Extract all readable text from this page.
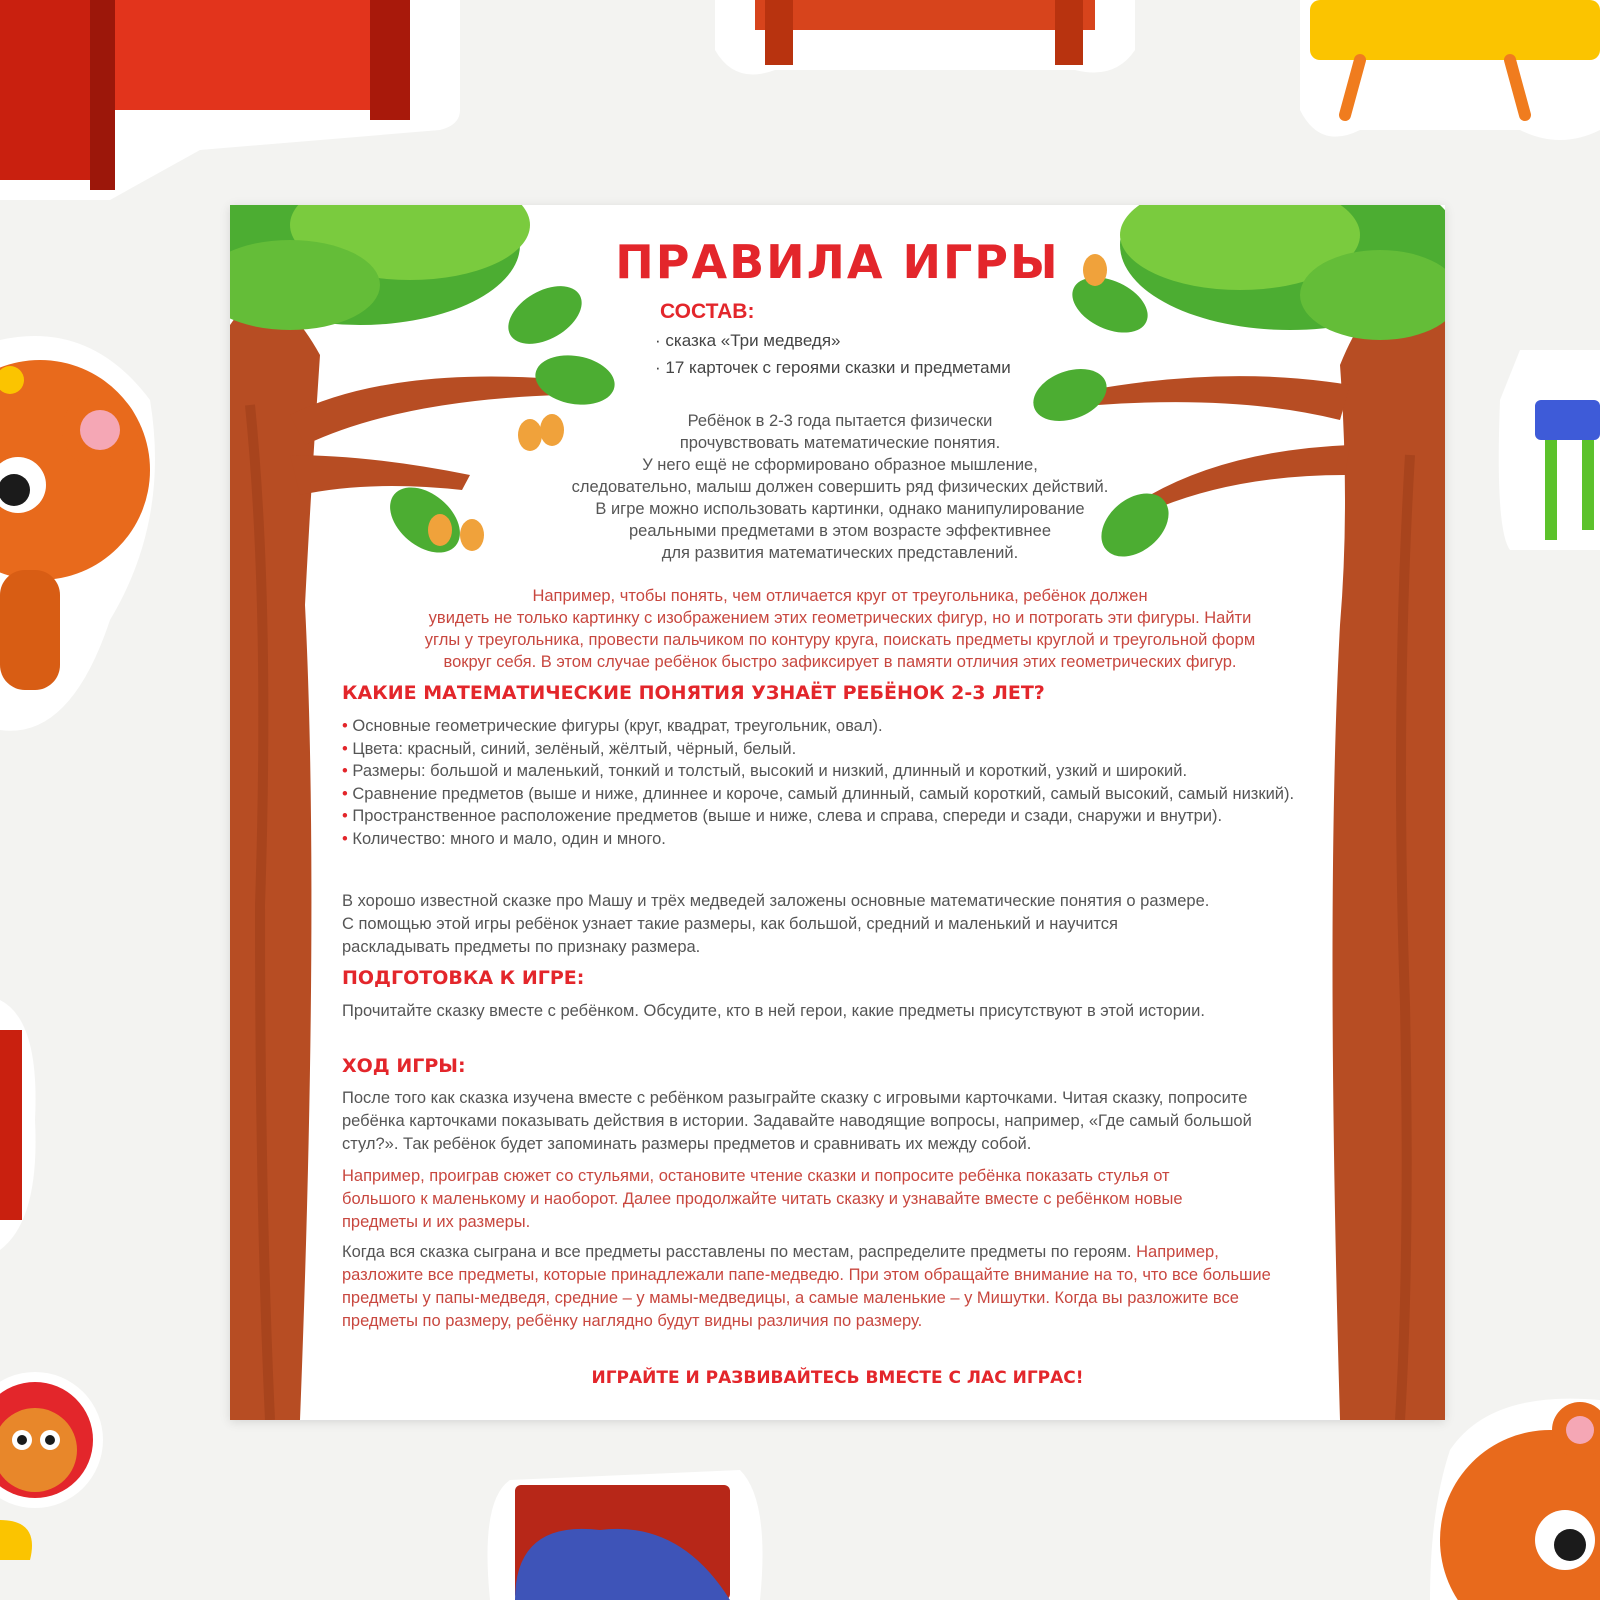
ПРАВИЛА ИГРЫ
СОСТАВ:
· сказка «Три медведя»
· 17 карточек с героями сказки и предметами
Ребёнок в 2-3 года пытается физически
прочувствовать математические понятия.
У него ещё не сформировано образное мышление,
следовательно, малыш должен совершить ряд физических действий.
В игре можно использовать картинки, однако манипулирование
реальными предметами в этом возрасте эффективнее
для развития математических представлений.
Например, чтобы понять, чем отличается круг от треугольника, ребёнок должен
увидеть не только картинку с изображением этих геометрических фигур, но и потрогать эти фигуры. Найти
углы у треугольника, провести пальчиком по контуру круга, поискать предметы круглой и треугольной форм
вокруг себя. В этом случае ребёнок быстро зафиксирует в памяти отличия этих геометрических фигур.
КАКИЕ МАТЕМАТИЧЕСКИЕ ПОНЯТИЯ УЗНАЁТ РЕБЁНОК 2-3 ЛЕТ?
• Основные геометрические фигуры (круг, квадрат, треугольник, овал).
• Цвета: красный, синий, зелёный, жёлтый, чёрный, белый.
• Размеры: большой и маленький, тонкий и толстый, высокий и низкий, длинный и короткий, узкий и широкий.
• Сравнение предметов (выше и ниже, длиннее и короче, самый длинный, самый короткий, самый высокий, самый низкий).
• Пространственное расположение предметов (выше и ниже, слева и справа, спереди и сзади, снаружи и внутри).
• Количество: много и мало, один и много.
В хорошо известной сказке про Машу и трёх медведей заложены основные математические понятия о размере. С помощью этой игры ребёнок узнает такие размеры, как большой, средний и маленький и научится раскладывать предметы по признаку размера.
ПОДГОТОВКА К ИГРЕ:
Прочитайте сказку вместе с ребёнком. Обсудите, кто в ней герои, какие предметы присутствуют в этой истории.
ХОД ИГРЫ:
После того как сказка изучена вместе с ребёнком разыграйте сказку с игровыми карточками. Читая сказку, попросите ребёнка карточками показывать действия в истории. Задавайте наводящие вопросы, например, «Где самый большой стул?». Так ребёнок будет запоминать размеры предметов и сравнивать их между собой.
Например, проиграв сюжет со стульями, остановите чтение сказки и попросите ребёнка показать стулья от большого к маленькому и наоборот. Далее продолжайте читать сказку и узнавайте вместе с ребёнком новые предметы и их размеры.
Когда вся сказка сыграна и все предметы расставлены по местам, распределите предметы по героям. Например, разложите все предметы, которые принадлежали папе-медведю. При этом обращайте внимание на то, что все большие предметы у папы-медведя, средние – у мамы-медведицы, а самые маленькие – у Мишутки. Когда вы разложите все предметы по размеру, ребёнку наглядно будут видны различия по размеру.
ИГРАЙТЕ И РАЗВИВАЙТЕСЬ ВМЕСТЕ С ЛАС ИГРАС!
